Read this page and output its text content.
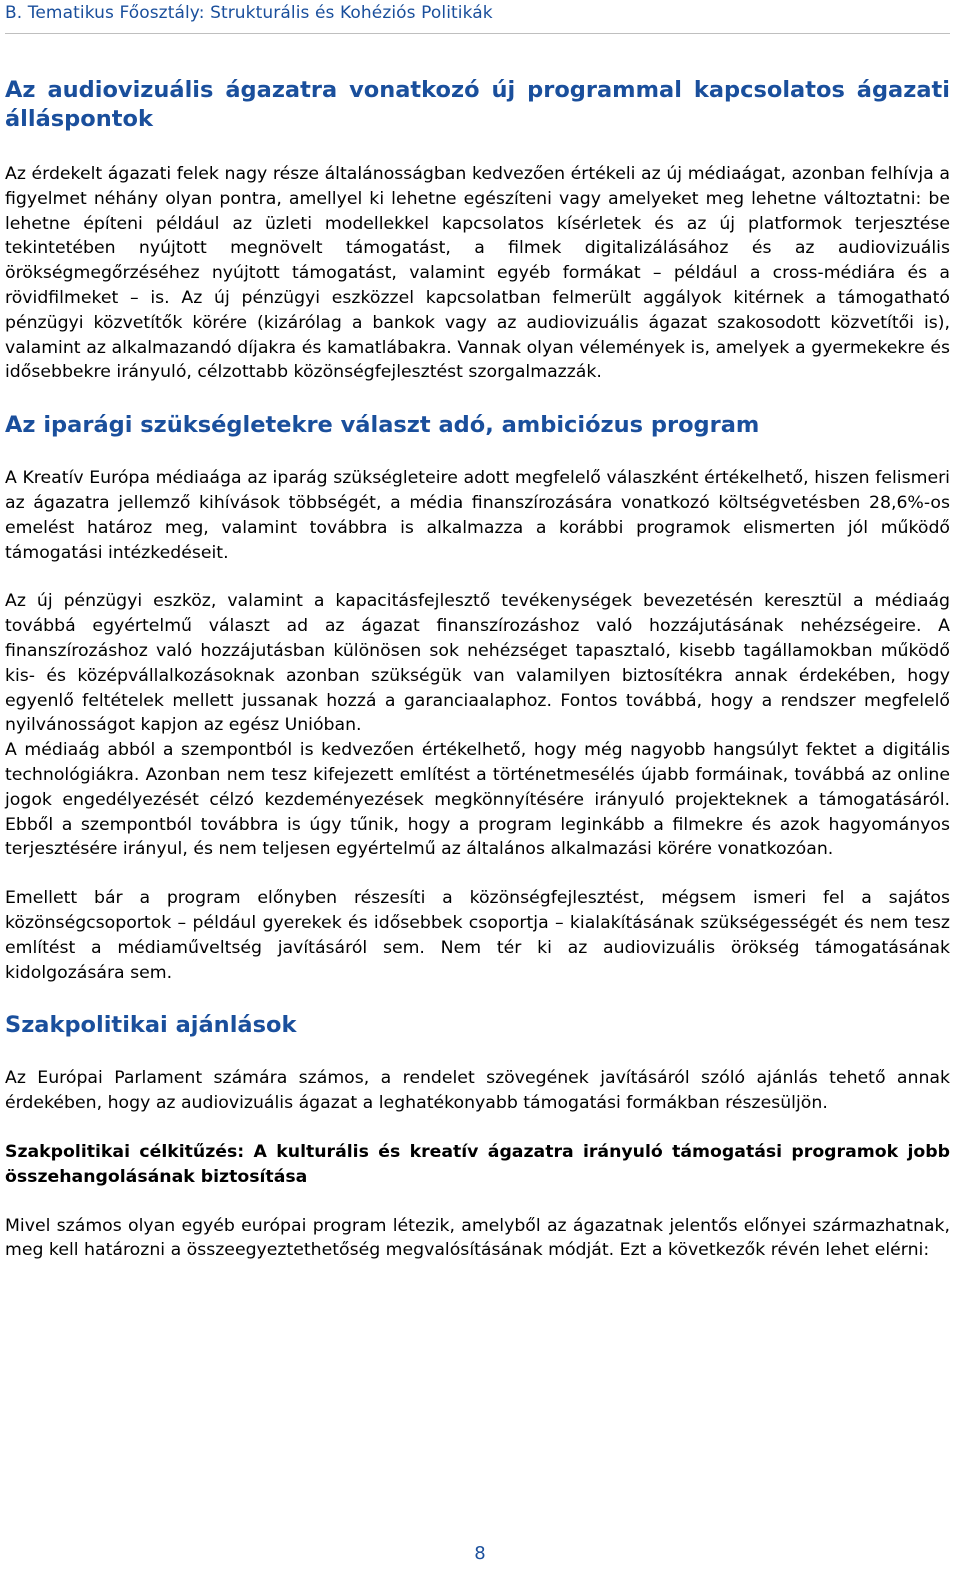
B. Tematikus Főosztály: Strukturális és Kohéziós Politikák
Az audiovizuális ágazatra vonatkozó új programmal kapcsolatos ágazati álláspontok

Az érdekelt ágazati felek nagy része általánosságban kedvezően értékeli az új médiaágat, azonban felhívja a figyelmet néhány olyan pontra, amellyel ki lehetne egészíteni vagy amelyeket meg lehetne változtatni: be lehetne építeni például az üzleti modellekkel kapcsolatos kísérletek és az új platformok terjesztése tekintetében nyújtott megnövelt támogatást, a filmek digitalizálásához és az audiovizuális örökségmegőrzéséhez nyújtott támogatást, valamint egyéb formákat – például a cross-médiára és a rövidfilmeket – is. Az új pénzügyi eszközzel kapcsolatban felmerült aggályok kitérnek a támogatható pénzügyi közvetítők körére (kizárólag a bankok vagy az audiovizuális ágazat szakosodott közvetítői is), valamint az alkalmazandó díjakra és kamatlábakra. Vannak olyan vélemények is, amelyek a gyermekekre és idősebbekre irányuló, célzottabb közönségfejlesztést szorgalmazzák.

Az iparági szükségletekre választ adó, ambiciózus program

A Kreatív Európa médiaága az iparág szükségleteire adott megfelelő válaszként értékelhető, hiszen felismeri az ágazatra jellemző kihívások többségét, a média finanszírozására vonatkozó költségvetésben 28,6%-os emelést határoz meg, valamint továbbra is alkalmazza a korábbi programok elismerten jól működő támogatási intézkedéseit.

Az új pénzügyi eszköz, valamint a kapacitásfejlesztő tevékenységek bevezetésén keresztül a médiaág továbbá egyértelmű választ ad az ágazat finanszírozáshoz való hozzájutásának nehézségeire. A finanszírozáshoz való hozzájutásban különösen sok nehézséget tapasztaló, kisebb tagállamokban működő kis- és középvállalkozásoknak azonban szükségük van valamilyen biztosítékra annak érdekében, hogy egyenlő feltételek mellett jussanak hozzá a garanciaalaphoz. Fontos továbbá, hogy a rendszer megfelelő nyilvánosságot kapjon az egész Unióban.

A médiaág abból a szempontból is kedvezően értékelhető, hogy még nagyobb hangsúlyt fektet a digitális technológiákra. Azonban nem tesz kifejezett említést a történetmesélés újabb formáinak, továbbá az online jogok engedélyezését célzó kezdeményezések megkönnyítésére irányuló projekteknek a támogatásáról. Ebből a szempontból továbbra is úgy tűnik, hogy a program leginkább a filmekre és azok hagyományos terjesztésére irányul, és nem teljesen egyértelmű az általános alkalmazási körére vonatkozóan.

Emellett bár a program előnyben részesíti a közönségfejlesztést, mégsem ismeri fel a sajátos közönségcsoportok – például gyerekek és idősebbek csoportja – kialakításának szükségességét és nem tesz említést a médiaműveltség javításáról sem. Nem tér ki az audiovizuális örökség támogatásának kidolgozására sem.

Szakpolitikai ajánlások

Az Európai Parlament számára számos, a rendelet szövegének javításáról szóló ajánlás tehető annak érdekében, hogy az audiovizuális ágazat a leghatékonyabb támogatási formákban részesüljön.

Szakpolitikai célkitűzés: A kulturális és kreatív ágazatra irányuló támogatási programok jobb összehangolásának biztosítása

Mivel számos olyan egyéb európai program létezik, amelyből az ágazatnak jelentős előnyei származhatnak, meg kell határozni a összeegyeztethetőség megvalósításának módját. Ezt a következők révén lehet elérni:

8
